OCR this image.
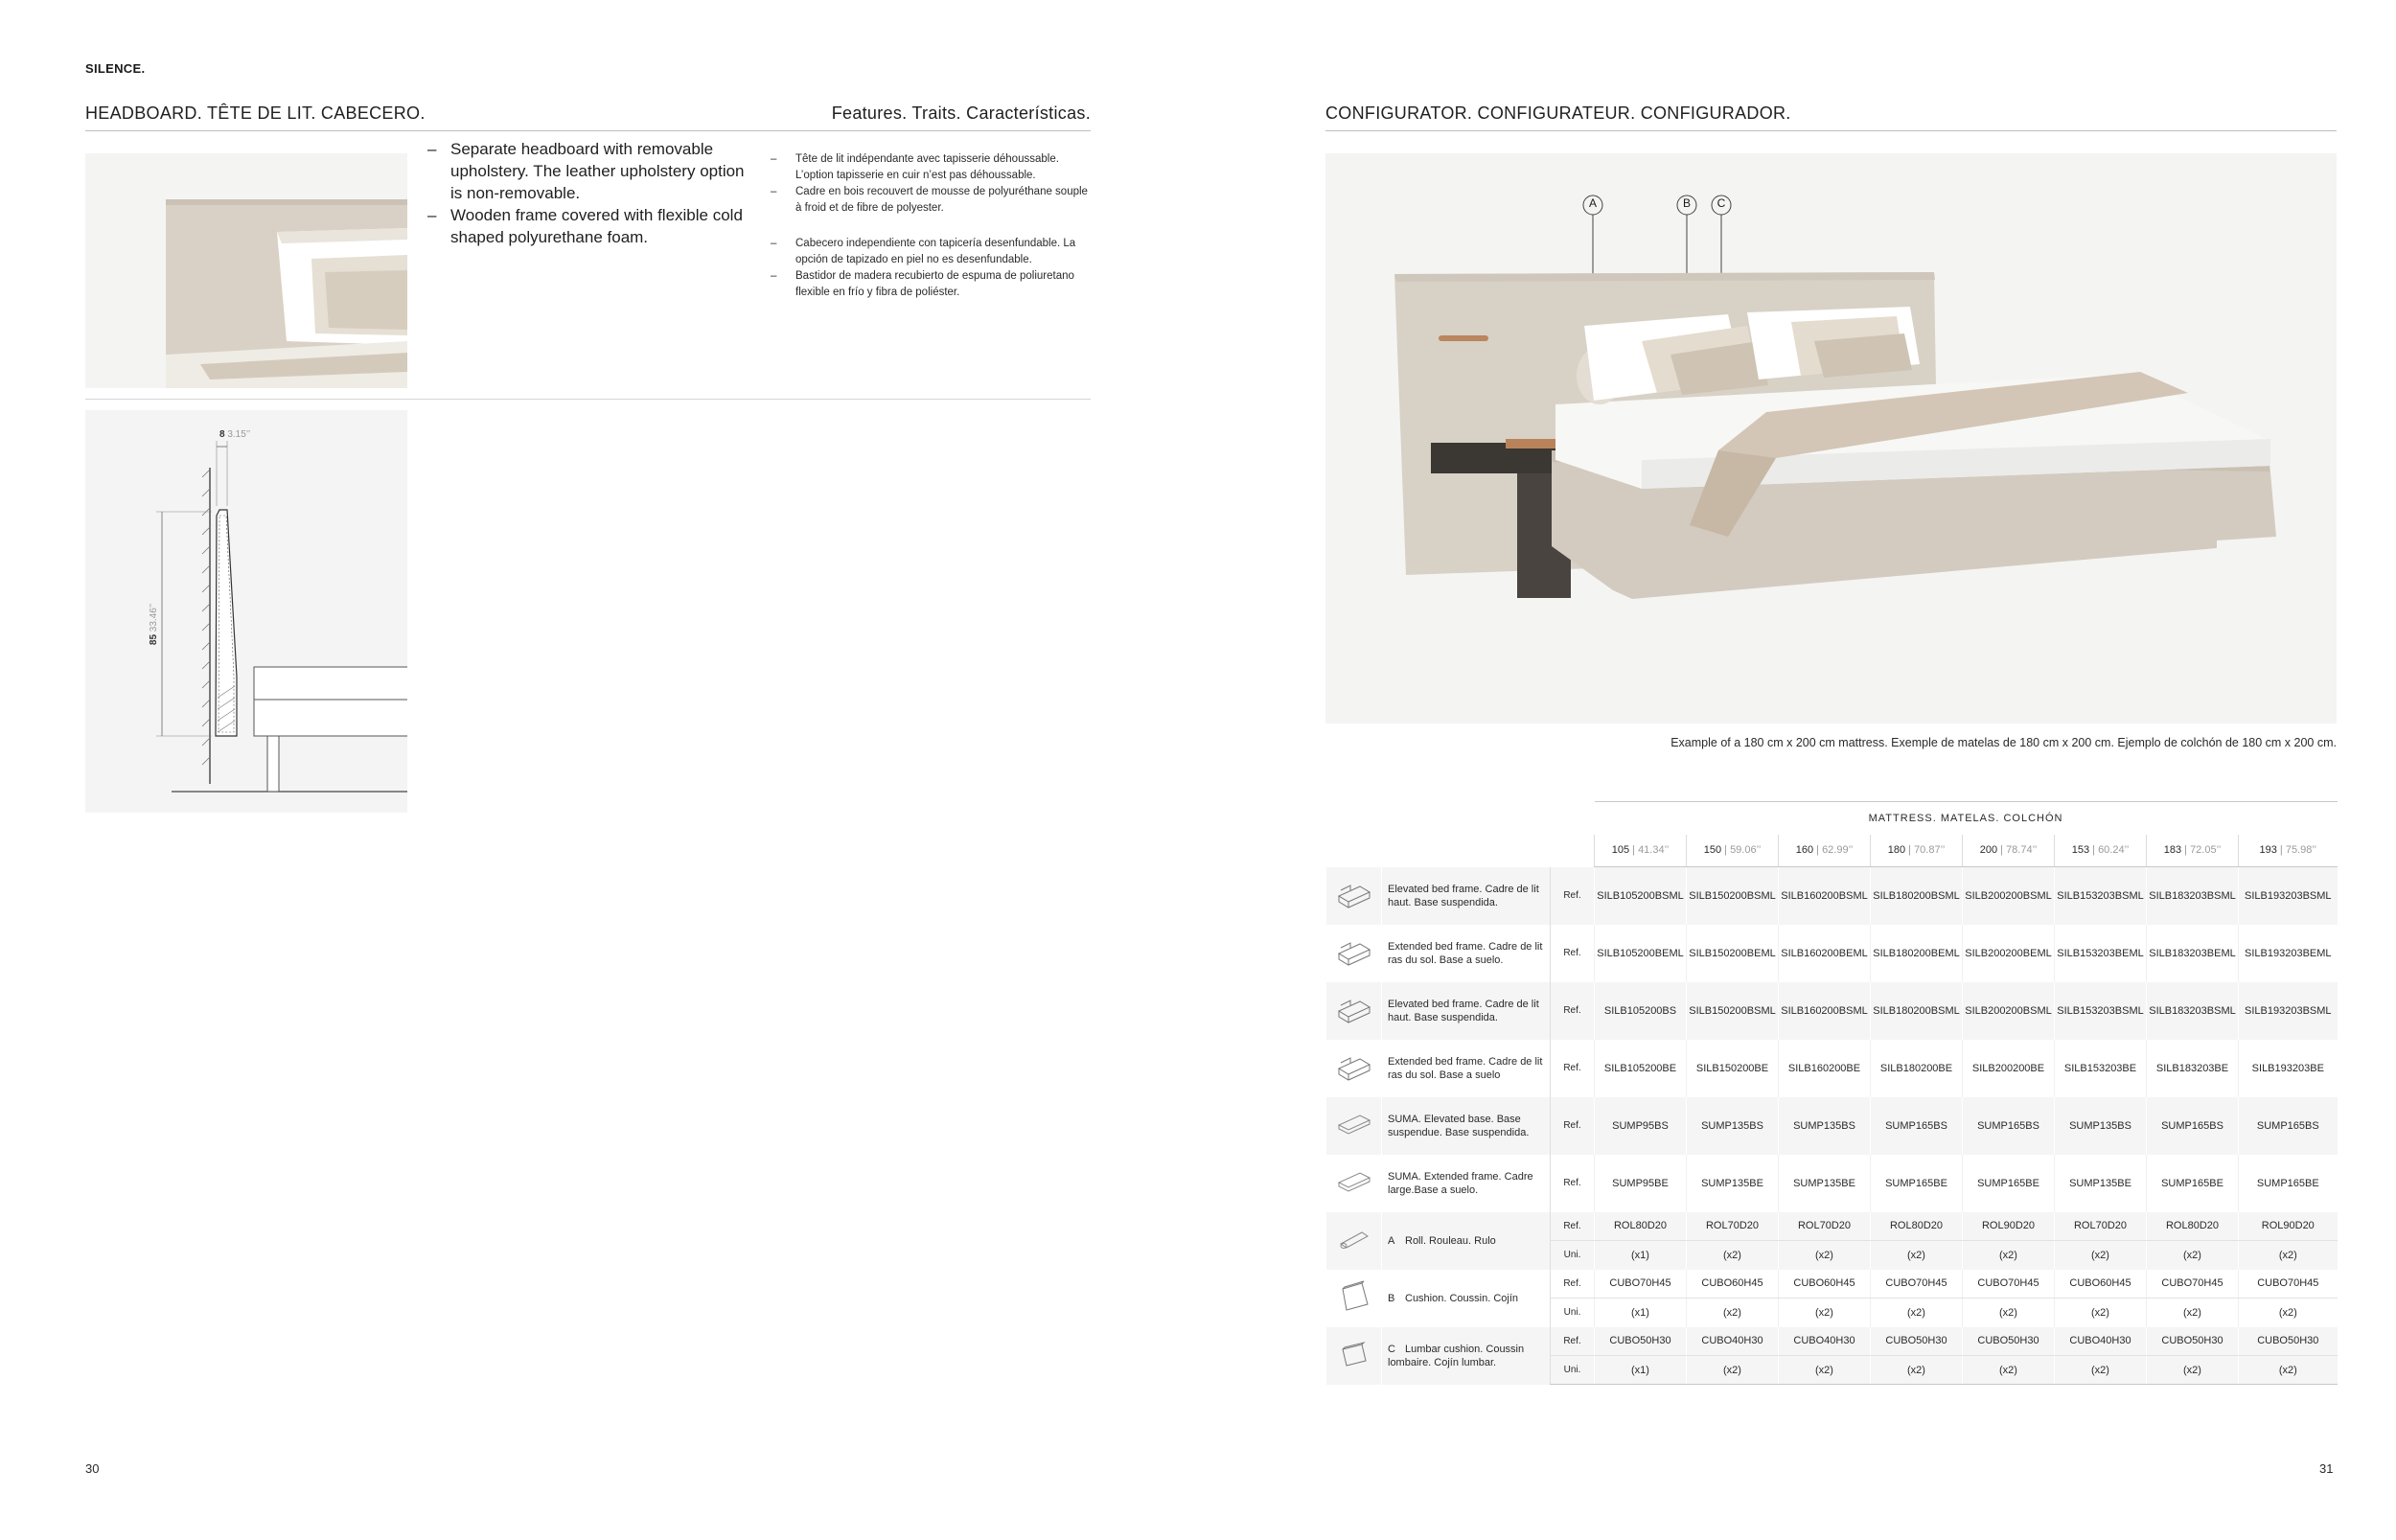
SILENCE.
HEADBOARD. TÊTE DE LIT. CABECERO.	Features. Traits. Características.
– Separate headboard with removable upholstery. The leather upholstery option is non-removable.
– Wooden frame covered with flexible cold shaped polyurethane foam.
– Tête de lit indépendante avec tapisserie déhoussable. L’option tapisserie en cuir n’est pas déhoussable.
– Cadre en bois recouvert de mousse de polyuréthane souple à froid et de fibre de polyester.
– Cabecero independiente con tapicería desenfundable. La opción de tapizado en piel no es desenfundable.
– Bastidor de madera recubierto de espuma de poliuretano flexible en frío y fibra de poliéster.
8 3.15’’
85 33.46’’
30
CONFIGURATOR. CONFIGURATEUR. CONFIGURADOR.
A	B	C
Example of a 180 cm x 200 cm mattress. Exemple de matelas de 180 cm x 200 cm. Ejemplo de colchón de 180 cm x 200 cm.
			MATTRESS. MATELAS. COLCHÓN							
			105 | 41.34’’	150 | 59.06’’	160 | 62.99’’	180 | 70.87’’	200 | 78.74’’	153 | 60.24’’	183 | 72.05’’	193 | 75.98’’
	Elevated bed frame. Cadre de lit haut. Base suspendida.	Ref.	SILB105200BSML	SILB150200BSML	SILB160200BSML	SILB180200BSML	SILB200200BSML	SILB153203BSML	SILB183203BSML	SILB193203BSML
	Extended bed frame. Cadre de lit ras du sol. Base a suelo.	Ref.	SILB105200BEML	SILB150200BEML	SILB160200BEML	SILB180200BEML	SILB200200BEML	SILB153203BEML	SILB183203BEML	SILB193203BEML
	Elevated bed frame. Cadre de lit haut. Base suspendida.	Ref.	SILB105200BS	SILB150200BSML	SILB160200BSML	SILB180200BSML	SILB200200BSML	SILB153203BSML	SILB183203BSML	SILB193203BSML
	Extended bed frame. Cadre de lit ras du sol. Base a suelo	Ref.	SILB105200BE	SILB150200BE	SILB160200BE	SILB180200BE	SILB200200BE	SILB153203BE	SILB183203BE	SILB193203BE
	SUMA. Elevated base. Base suspendue. Base suspendida.	Ref.	SUMP95BS	SUMP135BS	SUMP135BS	SUMP165BS	SUMP165BS	SUMP135BS	SUMP165BS	SUMP165BS
	SUMA. Extended frame. Cadre large.Base a suelo.	Ref.	SUMP95BE	SUMP135BE	SUMP135BE	SUMP165BE	SUMP165BE	SUMP135BE	SUMP165BE	SUMP165BE
	A Roll. Rouleau. Rulo	Ref.	ROL80D20	ROL70D20	ROL70D20	ROL80D20	ROL90D20	ROL70D20	ROL80D20	ROL90D20
		Uni.	(x1)	(x2)	(x2)	(x2)	(x2)	(x2)	(x2)	(x2)
	B Cushion. Coussin. Cojín	Ref.	CUBO70H45	CUBO60H45	CUBO60H45	CUBO70H45	CUBO70H45	CUBO60H45	CUBO70H45	CUBO70H45
		Uni.	(x1)	(x2)	(x2)	(x2)	(x2)	(x2)	(x2)	(x2)
	C Lumbar cushion. Coussin lombaire. Cojín lumbar.	Ref.	CUBO50H30	CUBO40H30	CUBO40H30	CUBO50H30	CUBO50H30	CUBO40H30	CUBO50H30	CUBO50H30
		Uni.	(x1)	(x2)	(x2)	(x2)	(x2)	(x2)	(x2)	(x2)
31
